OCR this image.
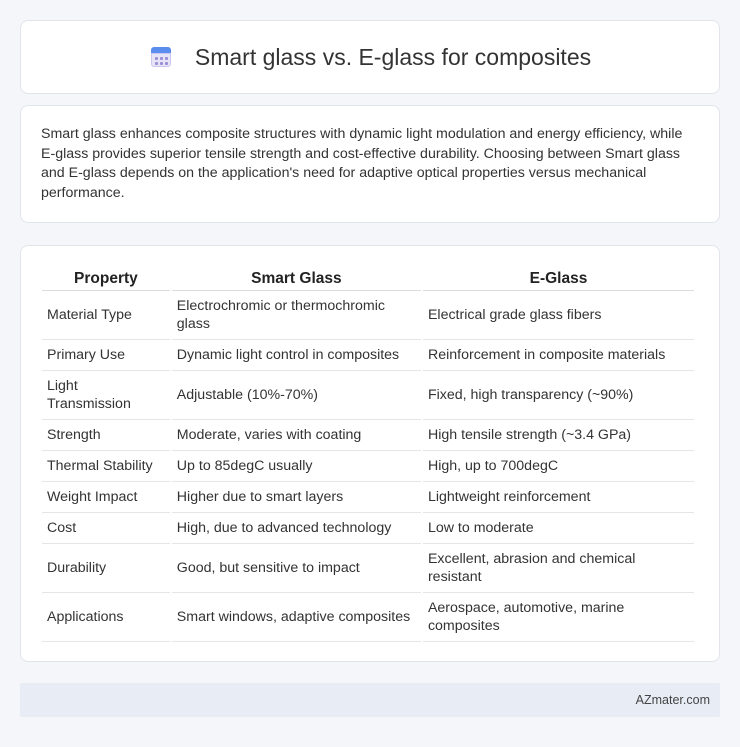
Smart glass vs. E-glass for composites

Smart glass enhances composite structures with dynamic light modulation and energy efficiency, while E-glass provides superior tensile strength and cost-effective durability. Choosing between Smart glass and E-glass depends on the application's need for adaptive optical properties versus mechanical performance.

Property	Smart Glass	E-Glass
Material Type	Electrochromic or thermochromic glass	Electrical grade glass fibers
Primary Use	Dynamic light control in composites	Reinforcement in composite materials
Light Transmission	Adjustable (10%-70%)	Fixed, high transparency (~90%)
Strength	Moderate, varies with coating	High tensile strength (~3.4 GPa)
Thermal Stability	Up to 85degC usually	High, up to 700degC
Weight Impact	Higher due to smart layers	Lightweight reinforcement
Cost	High, due to advanced technology	Low to moderate
Durability	Good, but sensitive to impact	Excellent, abrasion and chemical resistant
Applications	Smart windows, adaptive composites	Aerospace, automotive, marine composites
AZmater.com
